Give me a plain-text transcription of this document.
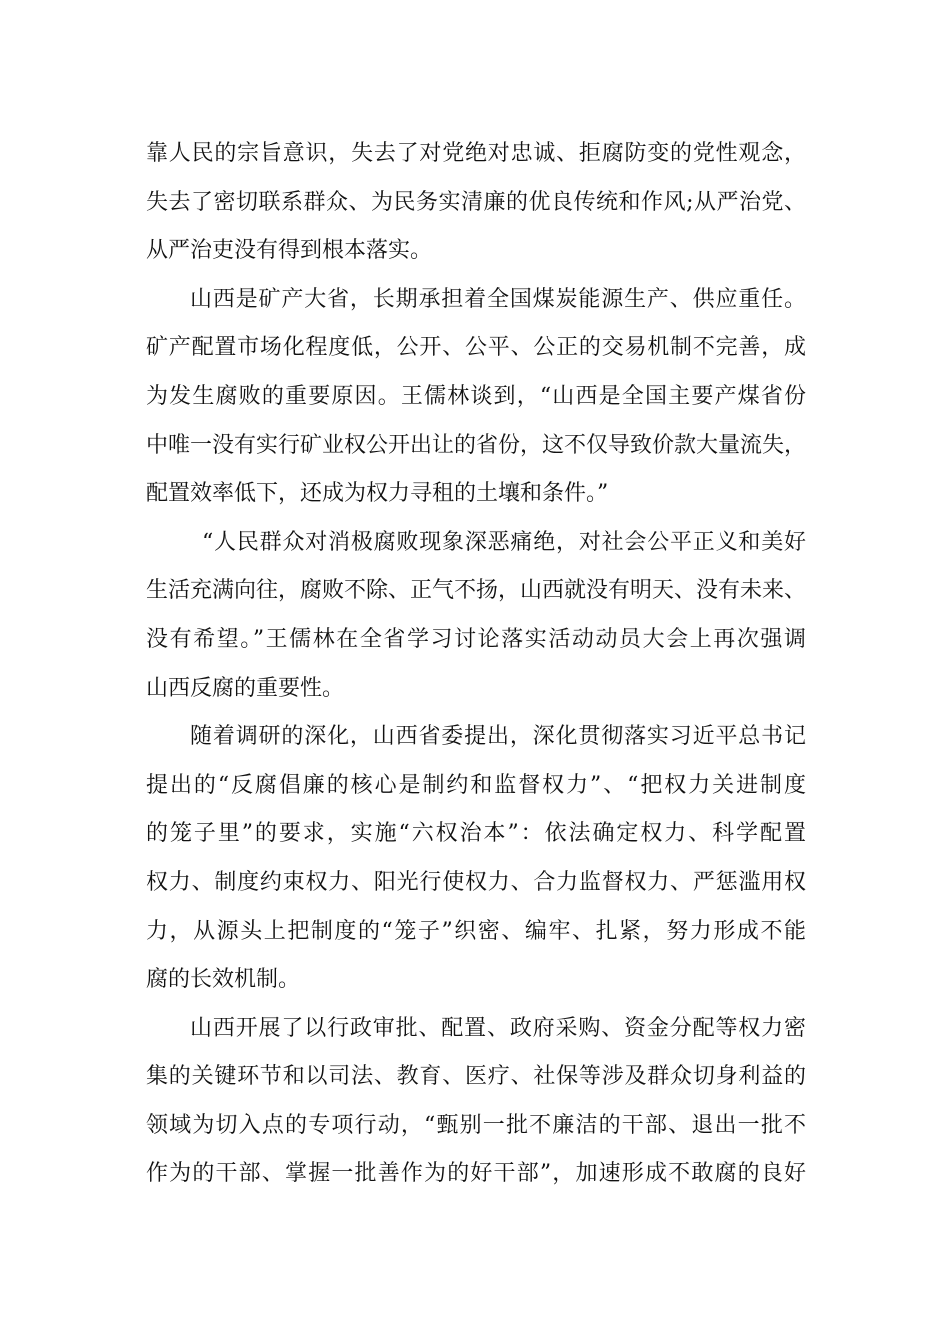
靠人民的宗旨意识，失去了对党绝对忠诚、拒腐防变的党性观念，
失去了密切联系群众、为民务实清廉的优良传统和作风;从严治党、
从严治吏没有得到根本落实。
山西是矿产大省，长期承担着全国煤炭能源生产、供应重任。
矿产配置市场化程度低，公开、公平、公正的交易机制不完善，成
为发生腐败的重要原因。王儒林谈到，“山西是全国主要产煤省份
中唯一没有实行矿业权公开出让的省份，这不仅导致价款大量流失，
配置效率低下，还成为权力寻租的土壤和条件。”
“人民群众对消极腐败现象深恶痛绝，对社会公平正义和美好
生活充满向往，腐败不除、正气不扬，山西就没有明天、没有未来、
没有希望。”王儒林在全省学习讨论落实活动动员大会上再次强调
山西反腐的重要性。
随着调研的深化，山西省委提出，深化贯彻落实习近平总书记
提出的“反腐倡廉的核心是制约和监督权力”、“把权力关进制度
的笼子里”的要求，实施“六权治本”：依法确定权力、科学配置
权力、制度约束权力、阳光行使权力、合力监督权力、严惩滥用权
力，从源头上把制度的“笼子”织密、编牢、扎紧，努力形成不能
腐的长效机制。
山西开展了以行政审批、配置、政府采购、资金分配等权力密
集的关键环节和以司法、教育、医疗、社保等涉及群众切身利益的
领域为切入点的专项行动，“甄别一批不廉洁的干部、退出一批不
作为的干部、掌握一批善作为的好干部”，加速形成不敢腐的良好
